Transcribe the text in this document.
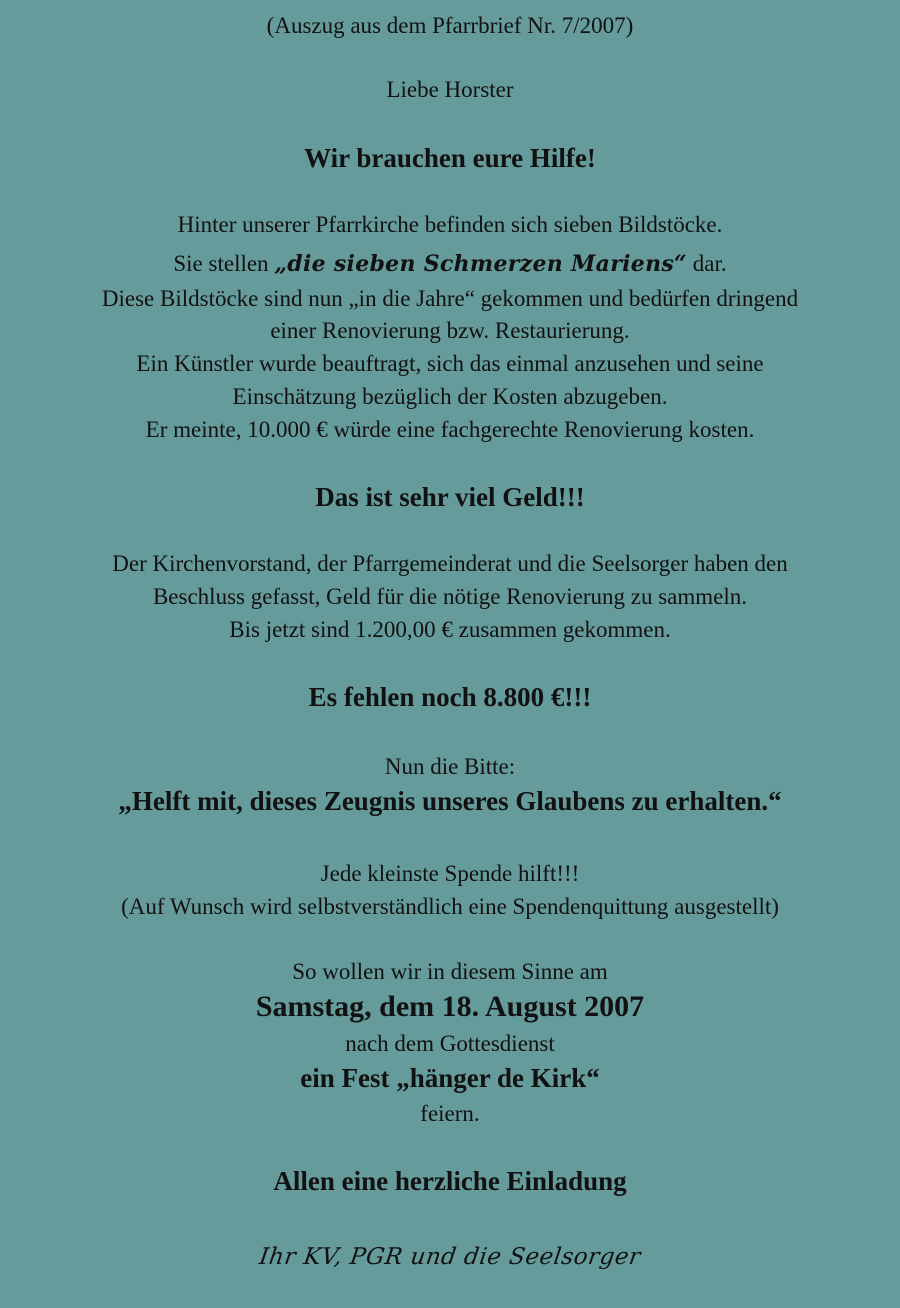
(Auszug aus dem Pfarrbrief Nr. 7/2007)

Liebe Horster

Wir brauchen eure Hilfe!

Hinter unserer Pfarrkirche befinden sich sieben Bildstöcke.

Sie stellen „die sieben Schmerzen Mariens“ dar.

Diese Bildstöcke sind nun „in die Jahre“ gekommen und bedürfen dringend

einer Renovierung bzw. Restaurierung.

Ein Künstler wurde beauftragt, sich das einmal anzusehen und seine

Einschätzung bezüglich der Kosten abzugeben.

Er meinte, 10.000 € würde eine fachgerechte Renovierung kosten.

Das ist sehr viel Geld!!!

Der Kirchenvorstand, der Pfarrgemeinderat und die Seelsorger haben den

Beschluss gefasst, Geld für die nötige Renovierung zu sammeln.

Bis jetzt sind 1.200,00 € zusammen gekommen.

Es fehlen noch 8.800 €!!!

Nun die Bitte:

„Helft mit, dieses Zeugnis unseres Glaubens zu erhalten.“

Jede kleinste Spende hilft!!!

(Auf Wunsch wird selbstverständlich eine Spendenquittung ausgestellt)

So wollen wir in diesem Sinne am

Samstag, dem 18. August 2007

nach dem Gottesdienst

ein Fest „hänger de Kirk“

feiern.

Allen eine herzliche Einladung

Ihr KV, PGR und die Seelsorger
